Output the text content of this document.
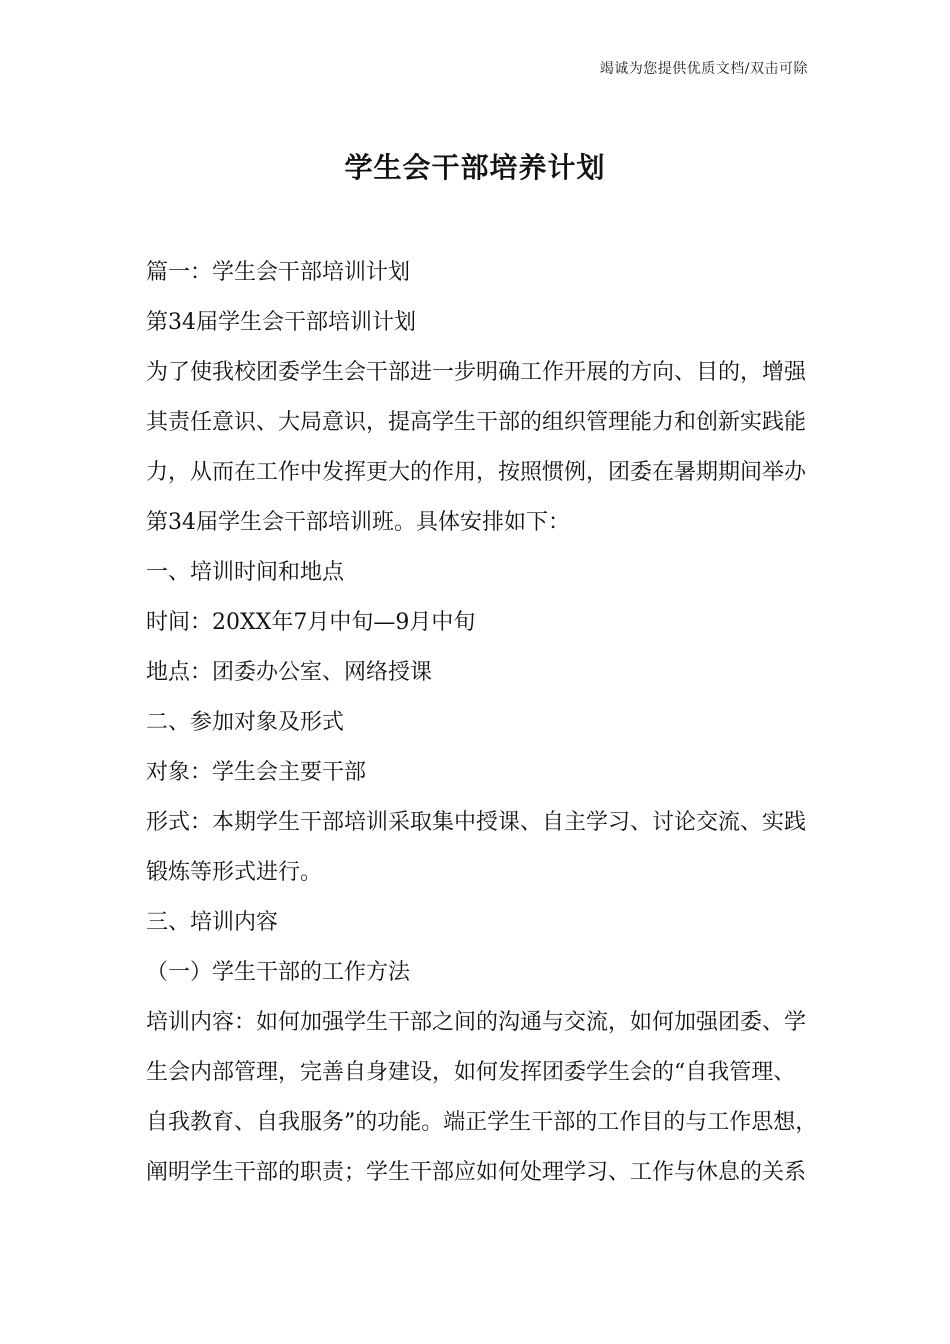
竭诚为您提供优质文档/双击可除
学生会干部培养计划

篇一：学生会干部培训计划

第34届学生会干部培训计划

为了使我校团委学生会干部进一步明确工作开展的方向、目的，增强

其责任意识、大局意识，提高学生干部的组织管理能力和创新实践能

力，从而在工作中发挥更大的作用，按照惯例，团委在暑期期间举办

第34届学生会干部培训班。具体安排如下：

一、培训时间和地点

时间：20XX年7月中旬—9月中旬

地点：团委办公室、网络授课

二、参加对象及形式

对象：学生会主要干部

形式：本期学生干部培训采取集中授课、自主学习、讨论交流、实践

锻炼等形式进行。

三、培训内容

（一）学生干部的工作方法

培训内容：如何加强学生干部之间的沟通与交流，如何加强团委、学

生会内部管理，完善自身建设，如何发挥团委学生会的“自我管理、

自我教育、自我服务”的功能。端正学生干部的工作目的与工作思想，

阐明学生干部的职责；学生干部应如何处理学习、工作与休息的关系
